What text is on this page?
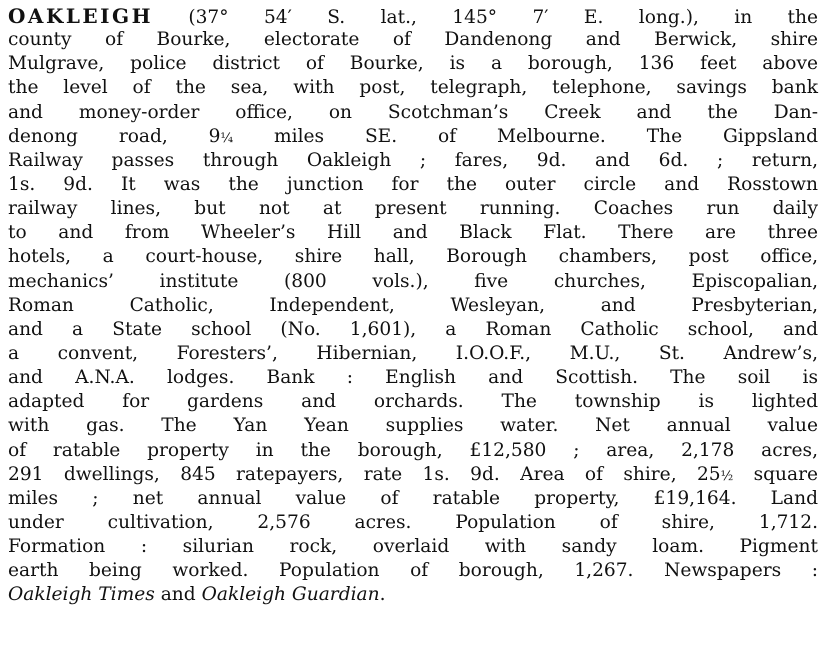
OAKLEIGH (37° 54′ S. lat., 145° 7′ E. long.), in the
county of Bourke, electorate of Dandenong and Berwick, shire
Mulgrave, police district of Bourke, is a borough, 136 feet above
the level of the sea, with post, telegraph, telephone, savings bank
and money-order office, on Scotchman’s Creek and the Dan-
denong road, 9¼ miles SE. of Melbourne. The Gippsland
Railway passes through Oakleigh ; fares, 9d. and 6d. ; return,
1s. 9d. It was the junction for the outer circle and Rosstown
railway lines, but not at present running. Coaches run daily
to and from Wheeler’s Hill and Black Flat. There are three
hotels, a court-house, shire hall, Borough chambers, post office,
mechanics’ institute (800 vols.), five churches, Episcopalian,
Roman Catholic, Independent, Wesleyan, and Presbyterian,
and a State school (No. 1,601), a Roman Catholic school, and
a convent, Foresters’, Hibernian, I.O.O.F., M.U., St. Andrew’s,
and A.N.A. lodges. Bank : English and Scottish. The soil is
adapted for gardens and orchards. The township is lighted
with gas. The Yan Yean supplies water. Net annual value
of ratable property in the borough, £12,580 ; area, 2,178 acres,
291 dwellings, 845 ratepayers, rate 1s. 9d. Area of shire, 25½ square
miles ; net annual value of ratable property, £19,164. Land
under cultivation, 2,576 acres. Population of shire, 1,712.
Formation : silurian rock, overlaid with sandy loam. Pigment
earth being worked. Population of borough, 1,267. Newspapers :
Oakleigh Times and Oakleigh Guardian.
